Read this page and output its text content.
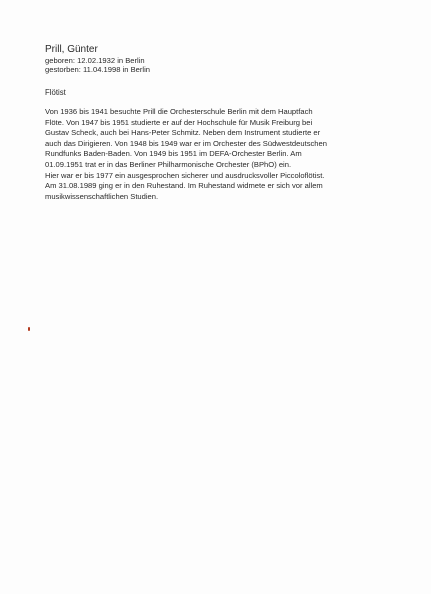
Prill, Günter

geboren: 12.02.1932 in Berlin

gestorben: 11.04.1998 in Berlin

Flötist

Von 1936 bis 1941 besuchte Prill die Orchesterschule Berlin mit dem Hauptfach
Flöte. Von 1947 bis 1951 studierte er auf der Hochschule für Musik Freiburg bei
Gustav Scheck, auch bei Hans-Peter Schmitz. Neben dem Instrument studierte er
auch das Dirigieren. Von 1948 bis 1949 war er im Orchester des Südwestdeutschen
Rundfunks Baden-Baden. Von 1949 bis 1951 im DEFA-Orchester Berlin. Am
01.09.1951 trat er in das Berliner Philharmonische Orchester (BPhO) ein.
Hier war er bis 1977 ein ausgesprochen sicherer und ausdrucksvoller Piccoloflötist.
Am 31.08.1989 ging er in den Ruhestand. Im Ruhestand widmete er sich vor allem
musikwissenschaftlichen Studien.
